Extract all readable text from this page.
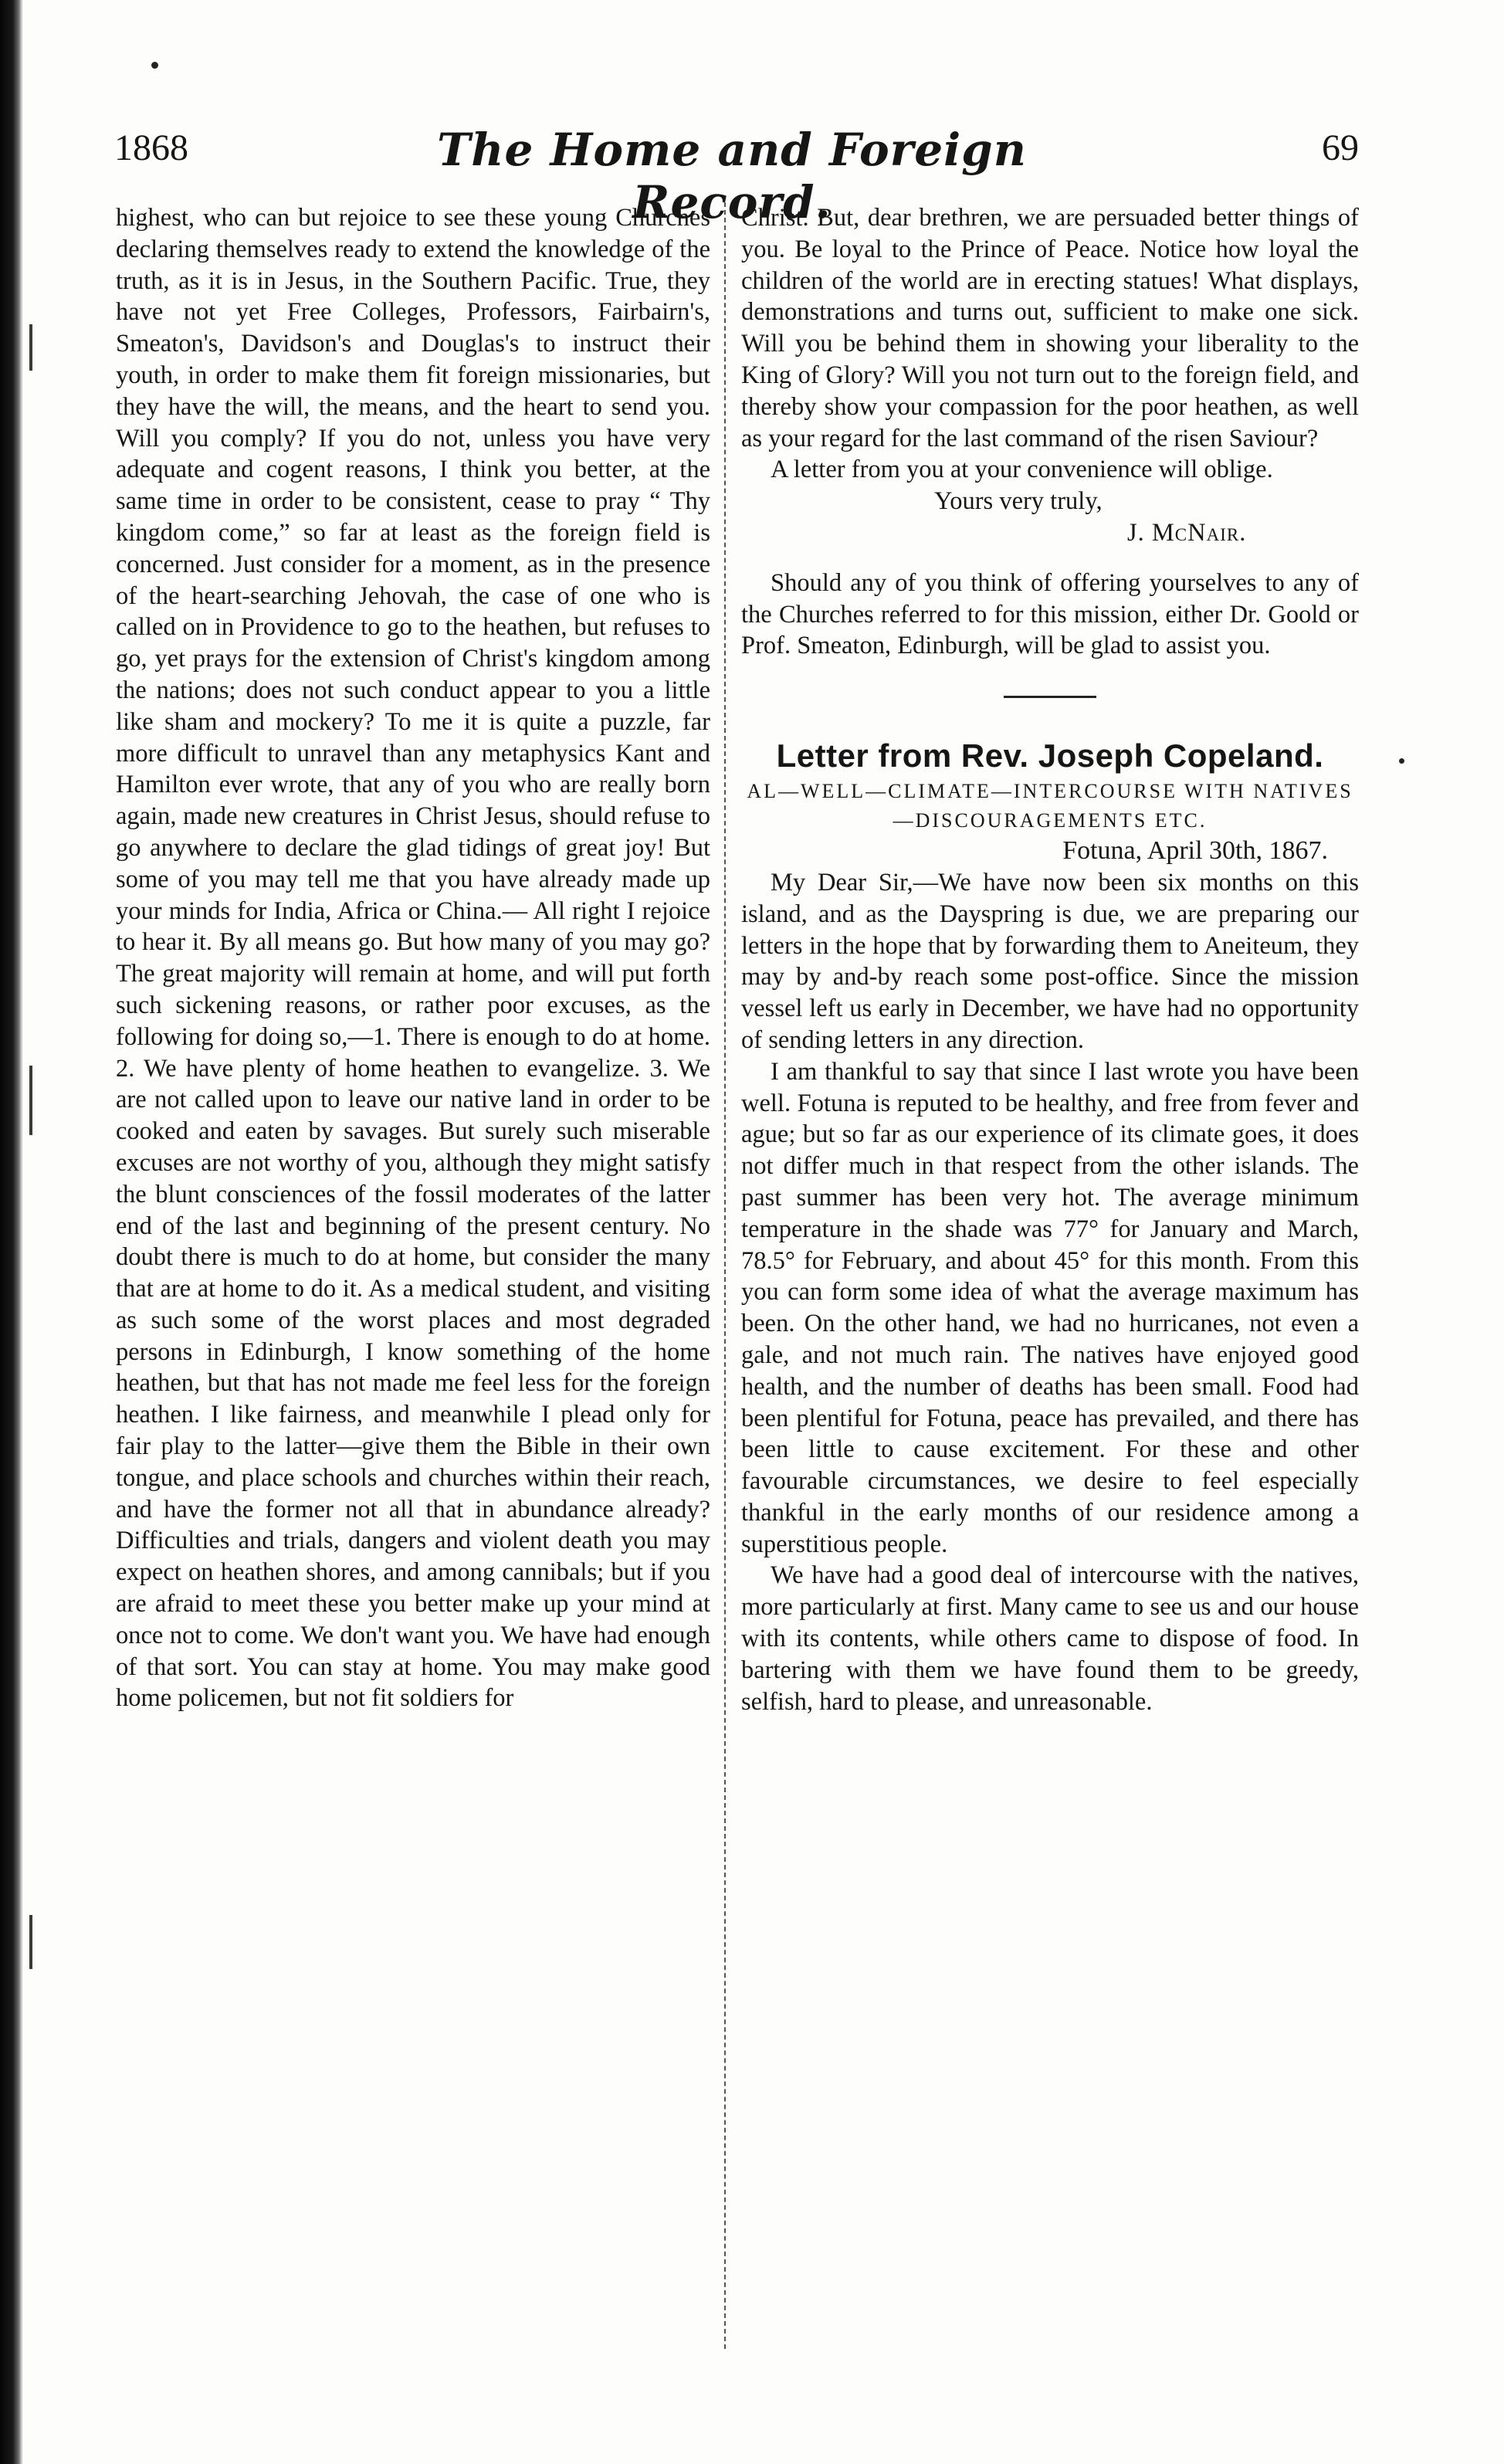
1868	The Home and Foreign Record.
69

highest, who can but rejoice to see these young Churches declaring themselves ready to extend the knowledge of the truth, as it is in Jesus, in the Southern Pacific. True, they have not yet Free Colleges, Professors, Fairbairn's, Smeaton's, Davidson's and Douglas's to instruct their youth, in order to make them fit foreign missionaries, but they have the will, the means, and the heart to send you. Will you comply? If you do not, unless you have very adequate and cogent reasons, I think you better, at the same time in order to be consistent, cease to pray “ Thy kingdom come,” so far at least as the foreign field is concerned. Just consider for a moment, as in the presence of the heart-searching Jehovah, the case of one who is called on in Providence to go to the heathen, but refuses to go, yet prays for the extension of Christ's kingdom among the nations; does not such conduct appear to you a little like sham and mockery? To me it is quite a puzzle, far more difficult to unravel than any metaphysics Kant and Hamilton ever wrote, that any of you who are really born again, made new creatures in Christ Jesus, should refuse to go anywhere to declare the glad tidings of great joy! But some of you may tell me that you have already made up your minds for India, Africa or China.— All right I rejoice to hear it. By all means go. But how many of you may go? The great majority will remain at home, and will put forth such sickening reasons, or rather poor excuses, as the following for doing so,—1. There is enough to do at home. 2. We have plenty of home heathen to evangelize. 3. We are not called upon to leave our native land in order to be cooked and eaten by savages. But surely such miserable excuses are not worthy of you, although they might satisfy the blunt consciences of the fossil moderates of the latter end of the last and beginning of the present century. No doubt there is much to do at home, but consider the many that are at home to do it. As a medical student, and visiting as such some of the worst places and most degraded persons in Edinburgh, I know something of the home heathen, but that has not made me feel less for the foreign heathen. I like fairness, and meanwhile I plead only for fair play to the latter—give them the Bible in their own tongue, and place schools and churches within their reach, and have the former not all that in abundance already? Difficulties and trials, dangers and violent death you may expect on heathen shores, and among cannibals; but if you are afraid to meet these you better make up your mind at once not to come. We don't want you. We have had enough of that sort. You can stay at home. You may make good home policemen, but not fit soldiers for

Christ. But, dear brethren, we are persuaded better things of you. Be loyal to the Prince of Peace. Notice how loyal the children of the world are in erecting statues! What displays, demonstrations and turns out, sufficient to make one sick. Will you be behind them in showing your liberality to the King of Glory? Will you not turn out to the foreign field, and thereby show your compassion for the poor heathen, as well as your regard for the last command of the risen Saviour?

A letter from you at your convenience will oblige.

Yours very truly,

J. McNair.

Should any of you think of offering yourselves to any of the Churches referred to for this mission, either Dr. Goold or Prof. Smeaton, Edinburgh, will be glad to assist you.

Letter from Rev. Joseph Copeland.

AL—WELL—CLIMATE—INTERCOURSE WITH NATIVES—DISCOURAGEMENTS ETC.

Fotuna, April 30th, 1867.

My Dear Sir,—We have now been six months on this island, and as the Dayspring is due, we are preparing our letters in the hope that by forwarding them to Aneiteum, they may by and-by reach some post-office. Since the mission vessel left us early in December, we have had no opportunity of sending letters in any direction.

I am thankful to say that since I last wrote you have been well. Fotuna is reputed to be healthy, and free from fever and ague; but so far as our experience of its climate goes, it does not differ much in that respect from the other islands. The past summer has been very hot. The average minimum temperature in the shade was 77° for January and March, 78.5° for February, and about 45° for this month. From this you can form some idea of what the average maximum has been. On the other hand, we had no hurricanes, not even a gale, and not much rain. The natives have enjoyed good health, and the number of deaths has been small. Food had been plentiful for Fotuna, peace has prevailed, and there has been little to cause excitement. For these and other favourable circumstances, we desire to feel especially thankful in the early months of our residence among a superstitious people.

We have had a good deal of intercourse with the natives, more particularly at first. Many came to see us and our house with its contents, while others came to dispose of food. In bartering with them we have found them to be greedy, selfish, hard to please, and unreasonable.
